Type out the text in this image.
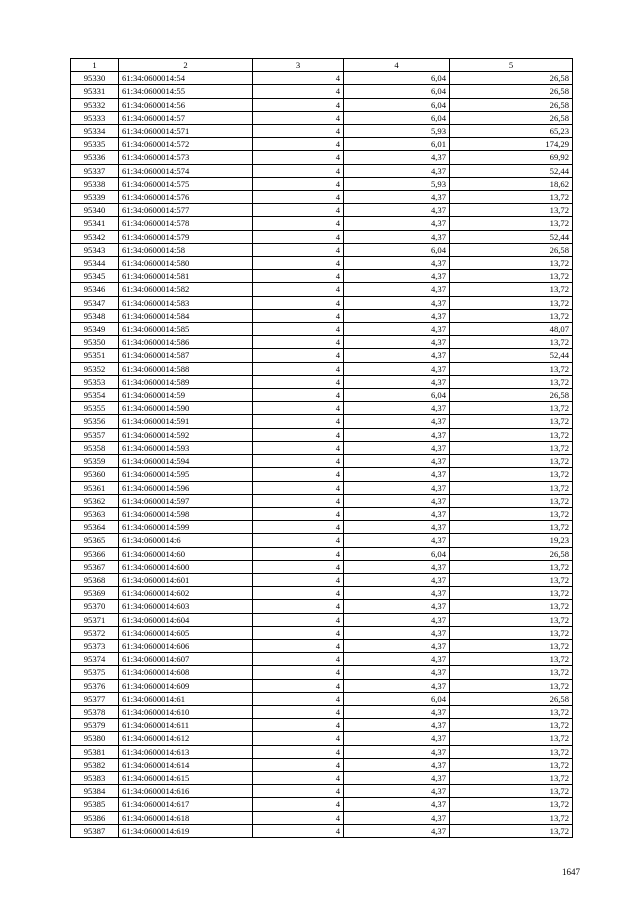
1	2	3	4	5
95330	61:34:0600014:54	4	6,04	26,58
95331	61:34:0600014:55	4	6,04	26,58
95332	61:34:0600014:56	4	6,04	26,58
95333	61:34:0600014:57	4	6,04	26,58
95334	61:34:0600014:571	4	5,93	65,23
95335	61:34:0600014:572	4	6,01	174,29
95336	61:34:0600014:573	4	4,37	69,92
95337	61:34:0600014:574	4	4,37	52,44
95338	61:34:0600014:575	4	5,93	18,62
95339	61:34:0600014:576	4	4,37	13,72
95340	61:34:0600014:577	4	4,37	13,72
95341	61:34:0600014:578	4	4,37	13,72
95342	61:34:0600014:579	4	4,37	52,44
95343	61:34:0600014:58	4	6,04	26,58
95344	61:34:0600014:580	4	4,37	13,72
95345	61:34:0600014:581	4	4,37	13,72
95346	61:34:0600014:582	4	4,37	13,72
95347	61:34:0600014:583	4	4,37	13,72
95348	61:34:0600014:584	4	4,37	13,72
95349	61:34:0600014:585	4	4,37	48,07
95350	61:34:0600014:586	4	4,37	13,72
95351	61:34:0600014:587	4	4,37	52,44
95352	61:34:0600014:588	4	4,37	13,72
95353	61:34:0600014:589	4	4,37	13,72
95354	61:34:0600014:59	4	6,04	26,58
95355	61:34:0600014:590	4	4,37	13,72
95356	61:34:0600014:591	4	4,37	13,72
95357	61:34:0600014:592	4	4,37	13,72
95358	61:34:0600014:593	4	4,37	13,72
95359	61:34:0600014:594	4	4,37	13,72
95360	61:34:0600014:595	4	4,37	13,72
95361	61:34:0600014:596	4	4,37	13,72
95362	61:34:0600014:597	4	4,37	13,72
95363	61:34:0600014:598	4	4,37	13,72
95364	61:34:0600014:599	4	4,37	13,72
95365	61:34:0600014:6	4	4,37	19,23
95366	61:34:0600014:60	4	6,04	26,58
95367	61:34:0600014:600	4	4,37	13,72
95368	61:34:0600014:601	4	4,37	13,72
95369	61:34:0600014:602	4	4,37	13,72
95370	61:34:0600014:603	4	4,37	13,72
95371	61:34:0600014:604	4	4,37	13,72
95372	61:34:0600014:605	4	4,37	13,72
95373	61:34:0600014:606	4	4,37	13,72
95374	61:34:0600014:607	4	4,37	13,72
95375	61:34:0600014:608	4	4,37	13,72
95376	61:34:0600014:609	4	4,37	13,72
95377	61:34:0600014:61	4	6,04	26,58
95378	61:34:0600014:610	4	4,37	13,72
95379	61:34:0600014:611	4	4,37	13,72
95380	61:34:0600014:612	4	4,37	13,72
95381	61:34:0600014:613	4	4,37	13,72
95382	61:34:0600014:614	4	4,37	13,72
95383	61:34:0600014:615	4	4,37	13,72
95384	61:34:0600014:616	4	4,37	13,72
95385	61:34:0600014:617	4	4,37	13,72
95386	61:34:0600014:618	4	4,37	13,72
95387	61:34:0600014:619	4	4,37	13,72
1647
